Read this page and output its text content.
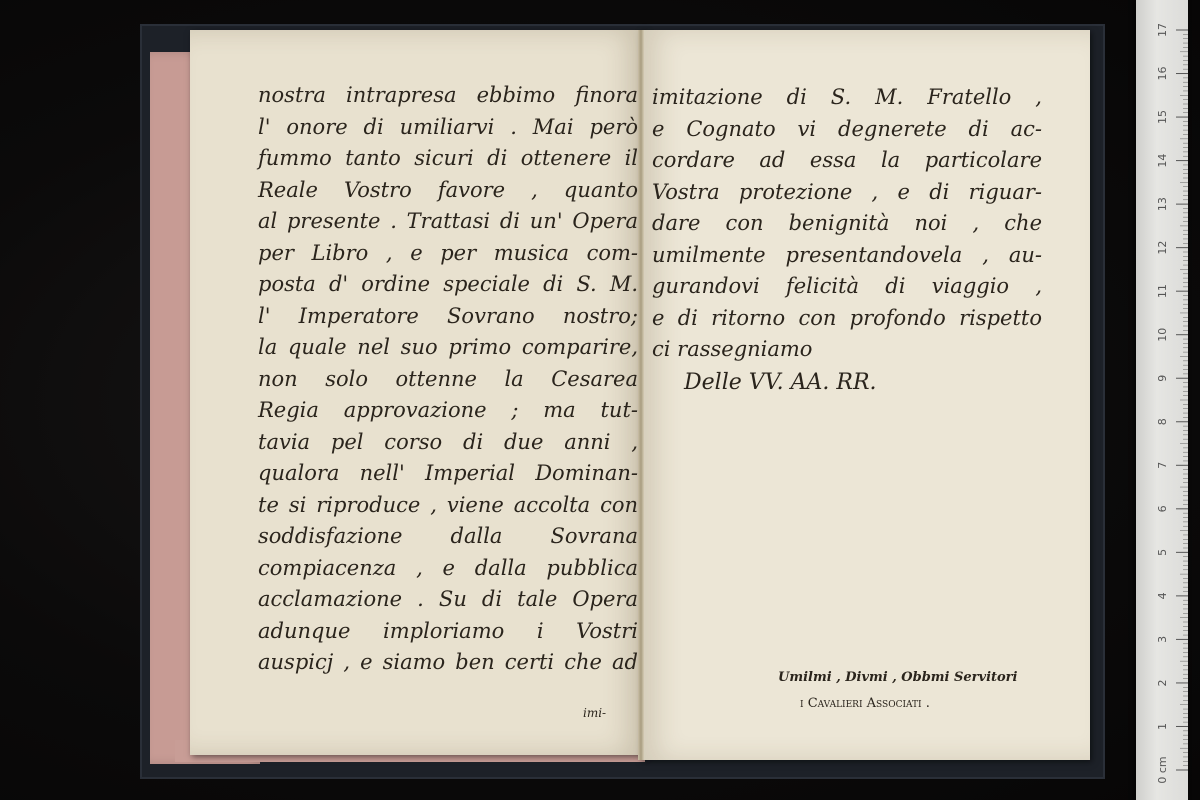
nostra intrapresa ebbimo finora
l' onore di umiliarvi . Mai però
fummo tanto sicuri di ottenere il
Reale Vostro favore , quanto
al presente . Trattasi di un' Opera
per Libro , e per musica com-
posta d' ordine speciale di S. M.
l' Imperatore Sovrano nostro;
la quale nel suo primo comparire,
non solo ottenne la Cesarea
Regia approvazione ; ma tut-
tavia pel corso di due anni ,
qualora nell' Imperial Dominan-
te si riproduce , viene accolta con
soddisfazione dalla Sovrana
compiacenza , e dalla pubblica
acclamazione . Su di tale Opera
adunque imploriamo i Vostri
auspicj , e siamo ben certi che ad
imi-
imitazione di S. M. Fratello ,
e Cognato vi degnerete di ac-
cordare ad essa la particolare
Vostra protezione , e di riguar-
dare con benignità noi , che
umilmente presentandovela , au-
gurandovi felicità di viaggio ,
e di ritorno con profondo rispetto
ci rassegniamo
Delle VV. AA. RR.
Umilmi , Divmi , Obbmi Servitori
i Cavalieri Associati .
17
16
15
14
13
12
11
10
9
8
7
6
5
4
3
2
1
0 cm
